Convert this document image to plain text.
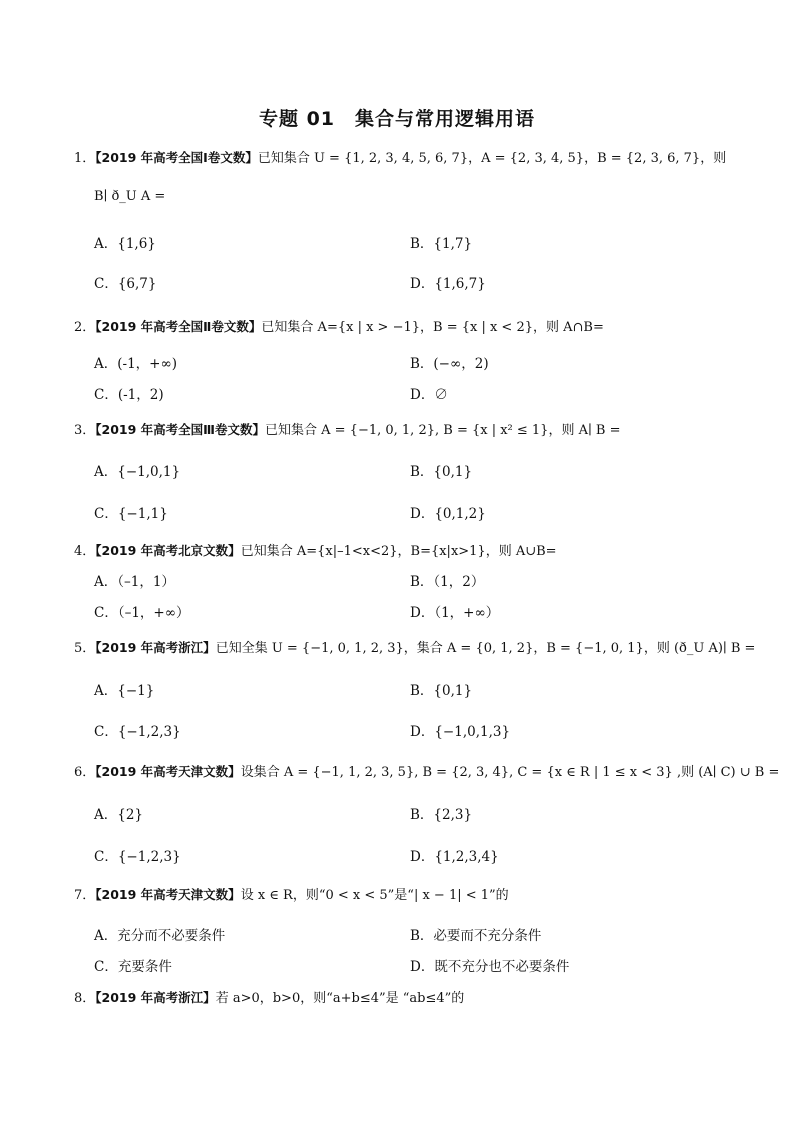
专题 01　集合与常用逻辑用语
1．【2019 年高考全国Ⅰ卷文数】已知集合 U = {1, 2, 3, 4, 5, 6, 7}，A = {2, 3, 4, 5}，B = {2, 3, 6, 7}，则
B∣ ð_U A =
A．{1,6}	B．{1,7}
C．{6,7}	D．{1,6,7}
2．【2019 年高考全国Ⅱ卷文数】已知集合 A={x | x > −1}，B = {x | x < 2}，则 A∩B=
A．(-1，+∞)	B．(−∞，2)
C．(-1，2)	D．∅
3．【2019 年高考全国Ⅲ卷文数】已知集合 A = {−1, 0, 1, 2}, B = {x | x² ≤ 1}，则 A∣ B =
A．{−1,0,1}	B．{0,1}
C．{−1,1}	D．{0,1,2}
4．【2019 年高考北京文数】已知集合 A={x|–1<x<2}，B={x|x>1}，则 A∪B=
A．（–1，1）	B．（1，2）
C．（–1，+∞）	D．（1，+∞）
5．【2019 年高考浙江】已知全集 U = {−1, 0, 1, 2, 3}，集合 A = {0, 1, 2}，B = {−1, 0, 1}，则 (ð_U A)∣ B =
A．{−1}	B．{0,1}
C．{−1,2,3}	D．{−1,0,1,3}
6．【2019 年高考天津文数】设集合 A = {−1, 1, 2, 3, 5}, B = {2, 3, 4}, C = {x ∈ R | 1 ≤ x < 3} ,则 (A∣ C) ∪ B =
A．{2}	B．{2,3}
C．{−1,2,3}	D．{1,2,3,4}
7．【2019 年高考天津文数】设 x ∈ R，则“0 < x < 5”是“| x − 1| < 1”的
A．充分而不必要条件	B．必要而不充分条件
C．充要条件	D．既不充分也不必要条件
8．【2019 年高考浙江】若 a>0，b>0，则“a+b≤4”是 “ab≤4”的
